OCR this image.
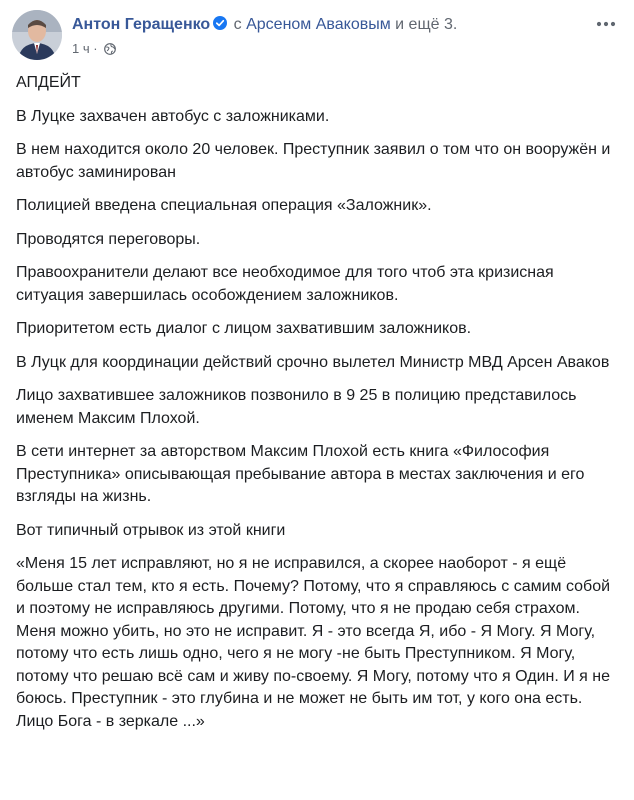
Антон Геращенко с Арсеном Аваковым и ещё 3.
1 ч ·

АПДЕЙТ

В Луцке захвачен автобус с заложниками.

В нем находится около 20 человек. Преступник заявил о том что он вооружён и автобус заминирован

Полицией введена специальная операция «Заложник».

Проводятся переговоры.

Правоохранители делают все необходимое для того чтоб эта кризисная ситуация завершилась особождением заложников.

Приоритетом есть диалог с лицом захватившим заложников.

В Луцк для координации действий срочно вылетел Министр МВД Арсен Аваков

Лицо захватившее заложников позвонило в 9 25 в полицию представилось именем Максим Плохой.

В сети интернет за авторством Максим Плохой есть книга «Философия Преступника» описывающая пребывание автора в местах заключения и его взгляды на жизнь.

Вот типичный отрывок из этой книги

«Меня 15 лет исправляют, но я не исправился, а скорее наоборот - я ещё больше стал тем, кто я есть. Почему? Потому, что я справляюсь с самим собой и поэтому не исправляюсь другими. Потому, что я не продаю себя страхом. Меня можно убить, но это не исправит. Я - это всегда Я, ибо - Я Могу. Я Могу, потому что есть лишь одно, чего я не могу -не быть Преступником. Я Могу, потому что решаю всё сам и живу по-своему. Я Могу, потому что я Один. И я не боюсь. Преступник - это глубина и не может не быть им тот, у кого она есть. Лицо Бога - в зеркале ...»
